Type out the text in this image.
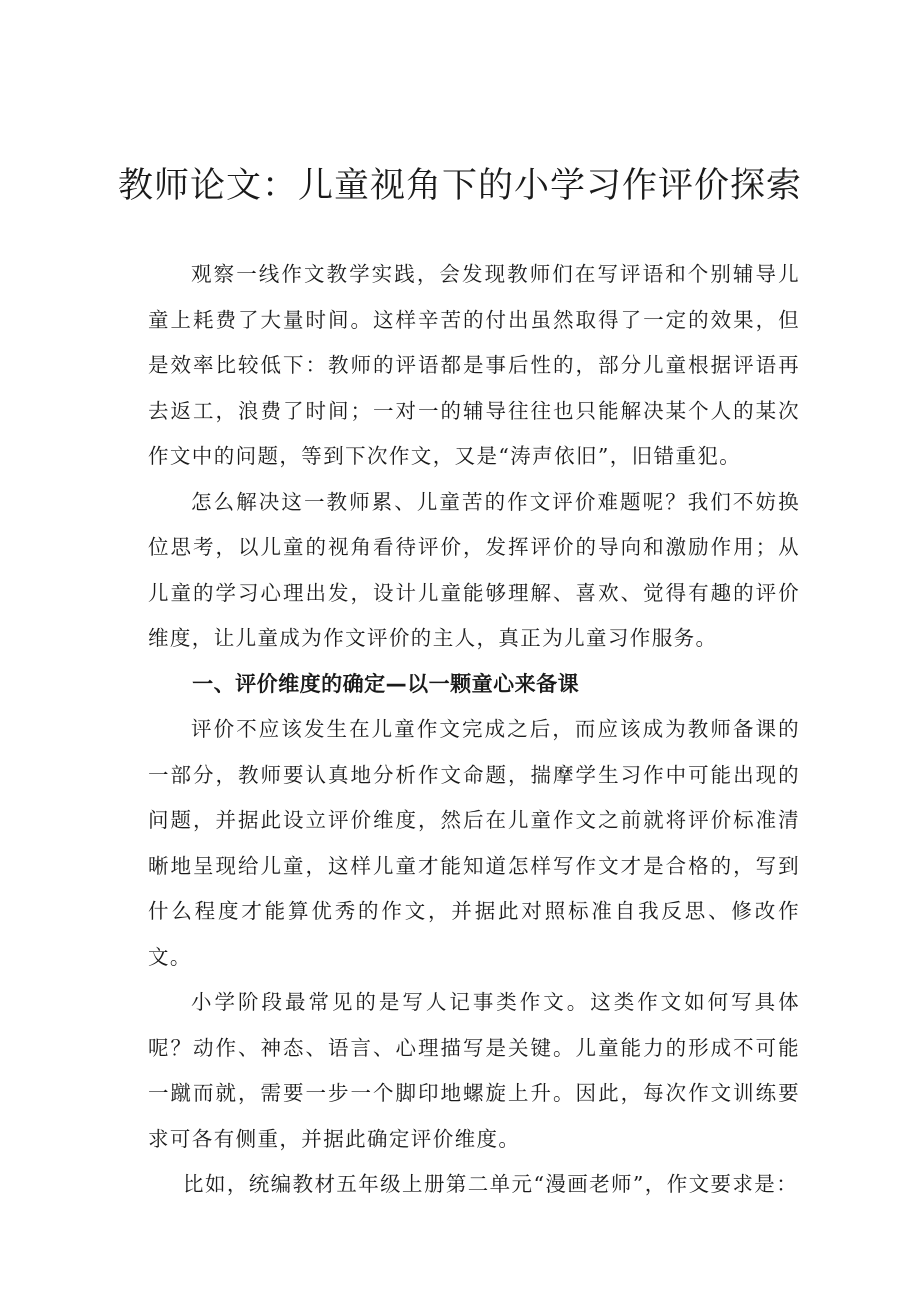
教师论文：儿童视角下的小学习作评价探索

观察一线作文教学实践，会发现教师们在写评语和个别辅导儿童上耗费了大量时间。这样辛苦的付出虽然取得了一定的效果，但是效率比较低下：教师的评语都是事后性的，部分儿童根据评语再去返工，浪费了时间；一对一的辅导往往也只能解决某个人的某次作文中的问题，等到下次作文，又是“涛声依旧”，旧错重犯。

怎么解决这一教师累、儿童苦的作文评价难题呢？我们不妨换位思考，以儿童的视角看待评价，发挥评价的导向和激励作用；从儿童的学习心理出发，设计儿童能够理解、喜欢、觉得有趣的评价维度，让儿童成为作文评价的主人，真正为儿童习作服务。

一、评价维度的确定—以一颗童心来备课

评价不应该发生在儿童作文完成之后，而应该成为教师备课的一部分，教师要认真地分析作文命题，揣摩学生习作中可能出现的问题，并据此设立评价维度，然后在儿童作文之前就将评价标准清晰地呈现给儿童，这样儿童才能知道怎样写作文才是合格的，写到什么程度才能算优秀的作文，并据此对照标准自我反思、修改作文。

小学阶段最常见的是写人记事类作文。这类作文如何写具体呢？动作、神态、语言、心理描写是关键。儿童能力的形成不可能一蹴而就，需要一步一个脚印地螺旋上升。因此，每次作文训练要求可各有侧重，并据此确定评价维度。

比如，统编教材五年级上册第二单元“漫画老师”，作文要求是：
